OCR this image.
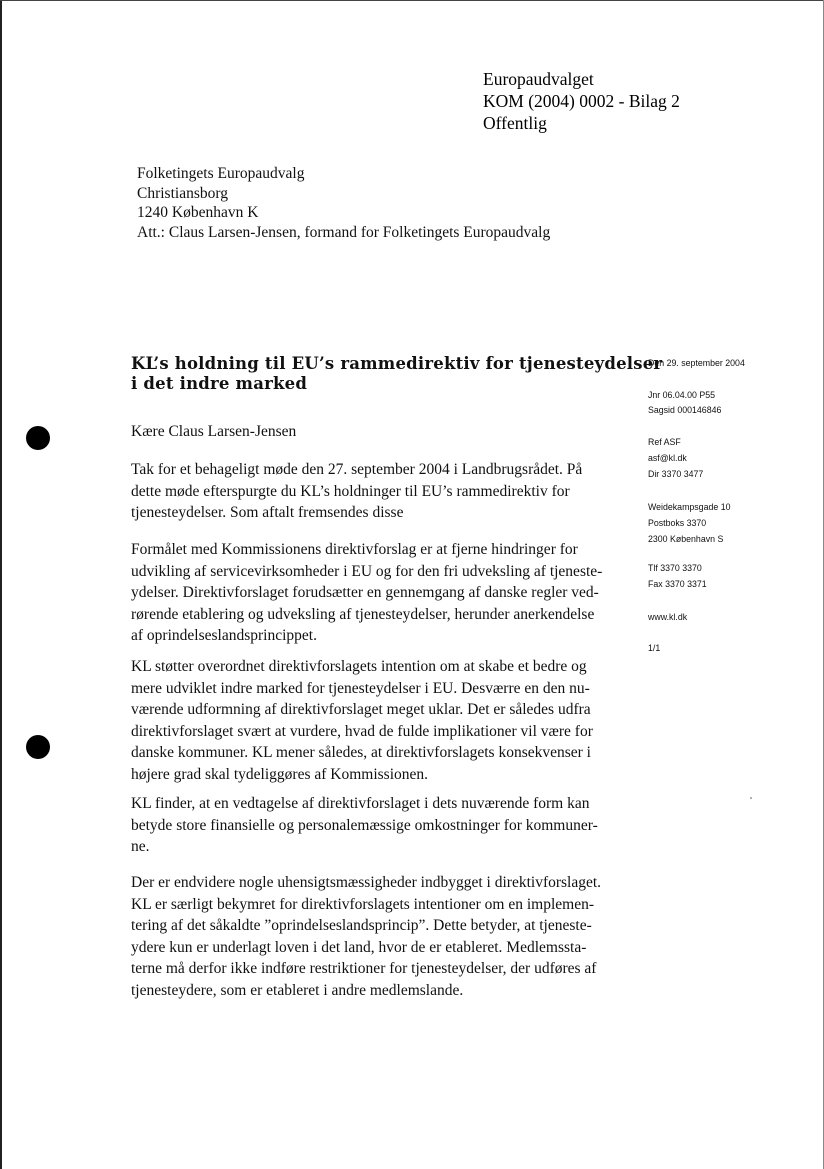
Europaudvalget
KOM (2004) 0002 - Bilag 2
Offentlig
Folketingets Europaudvalg
Christiansborg
1240 København K
Att.: Claus Larsen-Jensen, formand for Folketingets Europaudvalg
KL’s holdning til EU’s rammedirektiv for tjenesteydelser
i det indre marked
Kære Claus Larsen-Jensen
Tak for et behageligt møde den 27. september 2004 i Landbrugsrådet. På
dette møde efterspurgte du KL’s holdninger til EU’s rammedirektiv for
tjenesteydelser. Som aftalt fremsendes disse
Formålet med Kommissionens direktivforslag er at fjerne hindringer for
udvikling af servicevirksomheder i EU og for den fri udveksling af tjeneste-
ydelser. Direktivforslaget forudsætter en gennemgang af danske regler ved-
rørende etablering og udveksling af tjenesteydelser, herunder anerkendelse
af oprindelseslandsprincippet.
KL støtter overordnet direktivforslagets intention om at skabe et bedre og
mere udviklet indre marked for tjenesteydelser i EU. Desværre en den nu-
værende udformning af direktivforslaget meget uklar. Det er således udfra
direktivforslaget svært at vurdere, hvad de fulde implikationer vil være for
danske kommuner. KL mener således, at direktivforslagets konsekvenser i
højere grad skal tydeliggøres af Kommissionen.
KL finder, at en vedtagelse af direktivforslaget i dets nuværende form kan
betyde store finansielle og personalemæssige omkostninger for kommuner-
ne.
Der er endvidere nogle uhensigtsmæssigheder indbygget i direktivforslaget.
KL er særligt bekymret for direktivforslagets intentioner om en implemen-
tering af det såkaldte ”oprindelseslandsprincip”. Dette betyder, at tjeneste-
ydere kun er underlagt loven i det land, hvor de er etableret. Medlemssta-
terne må derfor ikke indføre restriktioner for tjenesteydelser, der udføres af
tjenesteydere, som er etableret i andre medlemslande.
Den 29. september 2004
Jnr 06.04.00 P55
Sagsid 000146846
Ref ASF
asf@kl.dk
Dir 3370 3477
Weidekampsgade 10
Postboks 3370
2300 København S
Tlf 3370 3370
Fax 3370 3371
www.kl.dk
1/1
